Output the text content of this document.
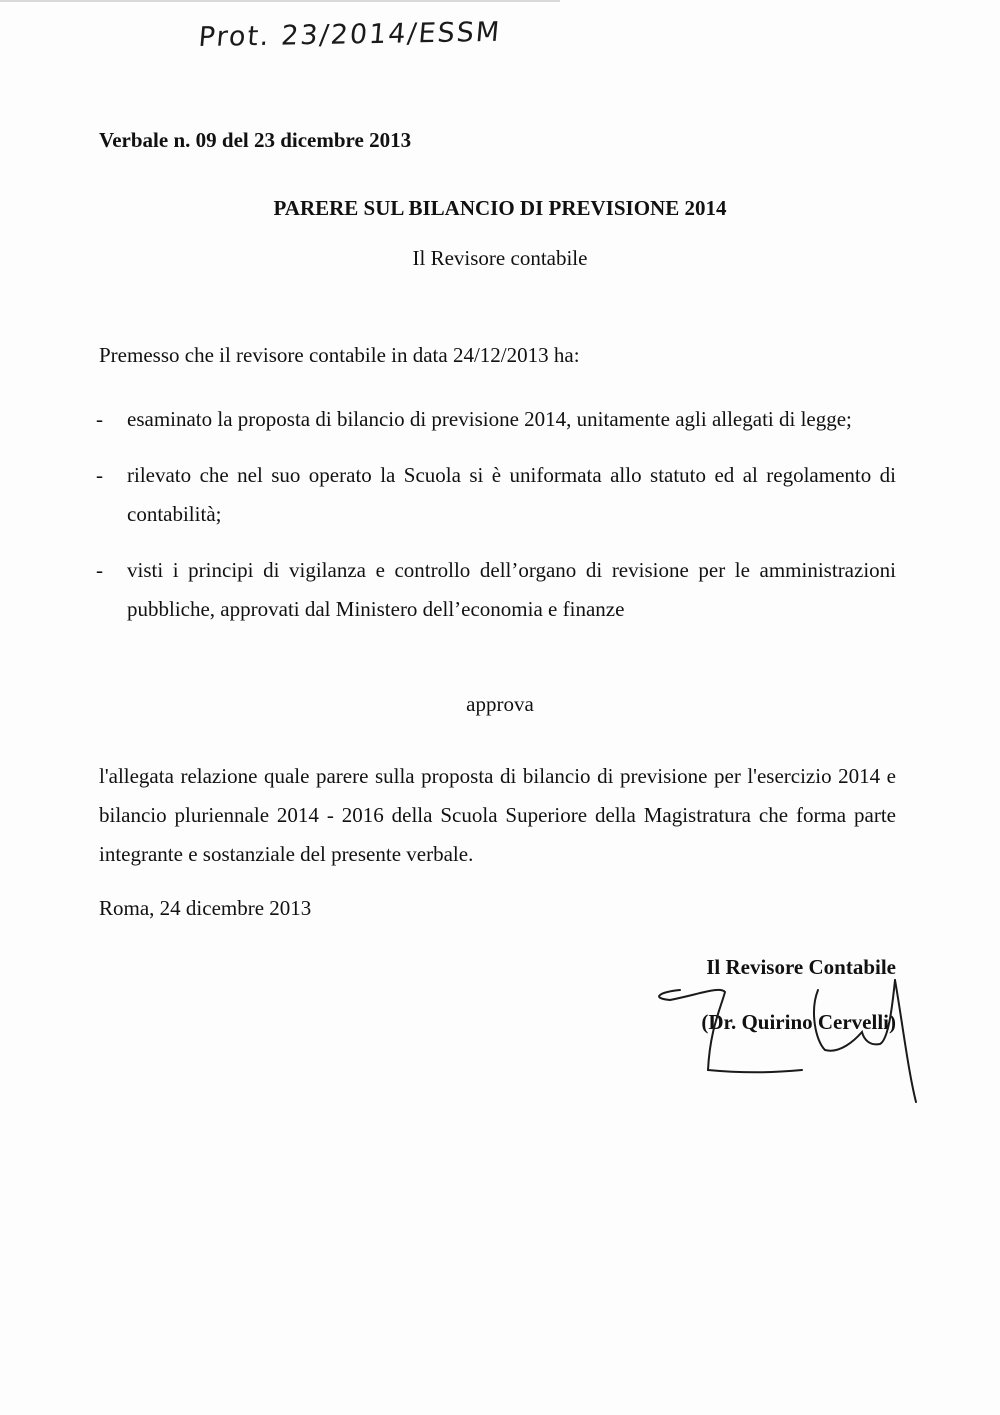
Prot. 23/2014/ESSM
Verbale n. 09 del 23 dicembre 2013
PARERE SUL BILANCIO DI PREVISIONE 2014
Il Revisore contabile
Premesso che il revisore contabile in data 24/12/2013 ha:
- esaminato la proposta di bilancio di previsione 2014, unitamente agli allegati di legge;
- rilevato che nel suo operato la Scuola si è uniformata allo statuto ed al regolamento di contabilità;
- visti i principi di vigilanza e controllo dell’organo di revisione per le amministrazioni pubbliche, approvati dal Ministero dell’economia e finanze
approva
l'allegata relazione quale parere sulla proposta di bilancio di previsione per l'esercizio 2014 e bilancio pluriennale 2014 - 2016 della Scuola Superiore della Magistratura che forma parte integrante e sostanziale del presente verbale.
Roma, 24 dicembre 2013
Il Revisore Contabile
(Dr. Quirino Cervelli)
